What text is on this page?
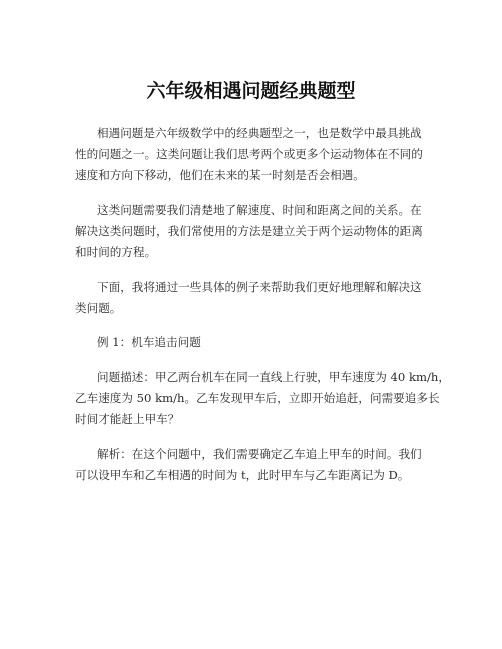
六年级相遇问题经典题型
相遇问题是六年级数学中的经典题型之一，也是数学中最具挑战
性的问题之一。这类问题让我们思考两个或更多个运动物体在不同的
速度和方向下移动，他们在未来的某一时刻是否会相遇。
这类问题需要我们清楚地了解速度、时间和距离之间的关系。在
解决这类问题时，我们常使用的方法是建立关于两个运动物体的距离
和时间的方程。
下面，我将通过一些具体的例子来帮助我们更好地理解和解决这
类问题。
例 1：机车追击问题
问题描述：甲乙两台机车在同一直线上行驶，甲车速度为 40 km/h，
乙车速度为 50 km/h。乙车发现甲车后，立即开始追赶，问需要追多长
时间才能赶上甲车？
解析：在这个问题中，我们需要确定乙车追上甲车的时间。我们
可以设甲车和乙车相遇的时间为 t，此时甲车与乙车距离记为 D。
